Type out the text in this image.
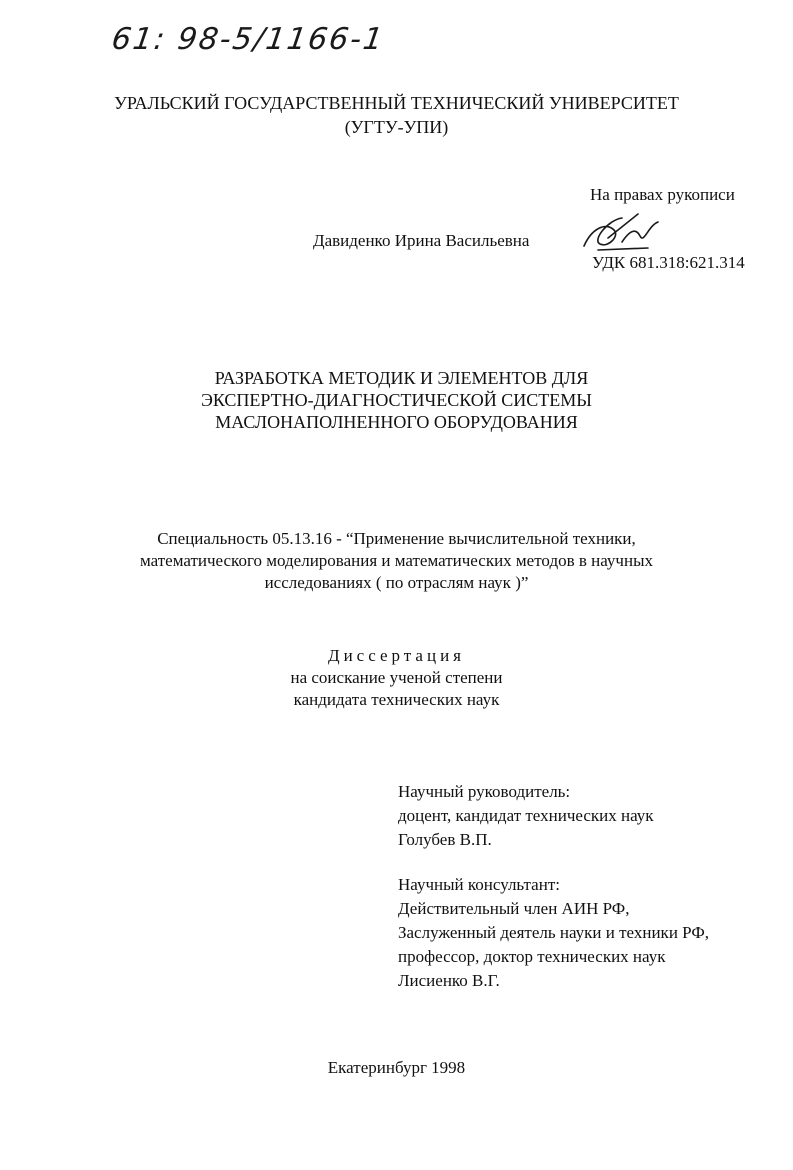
61: 98-5/1166-1
УРАЛЬСКИЙ ГОСУДАРСТВЕННЫЙ ТЕХНИЧЕСКИЙ УНИВЕРСИТЕТ
(УГТУ-УПИ)
На правах рукописи
Давиденко Ирина Васильевна
УДК 681.318:621.314
РАЗРАБОТКА МЕТОДИК И ЭЛЕМЕНТОВ ДЛЯ
ЭКСПЕРТНО-ДИАГНОСТИЧЕСКОЙ СИСТЕМЫ
МАСЛОНАПОЛНЕННОГО ОБОРУДОВАНИЯ
Специальность 05.13.16 - “Применение вычислительной техники,
математического моделирования и математических методов в научных
исследованиях ( по отраслям наук )”
Диссертация
на соискание ученой степени
кандидата технических наук
Научный руководитель:
доцент, кандидат технических наук
Голубев В.П.
Научный консультант:
Действительный член АИН РФ,
Заслуженный деятель науки и техники РФ,
профессор, доктор технических наук
Лисиенко В.Г.
Екатеринбург 1998
